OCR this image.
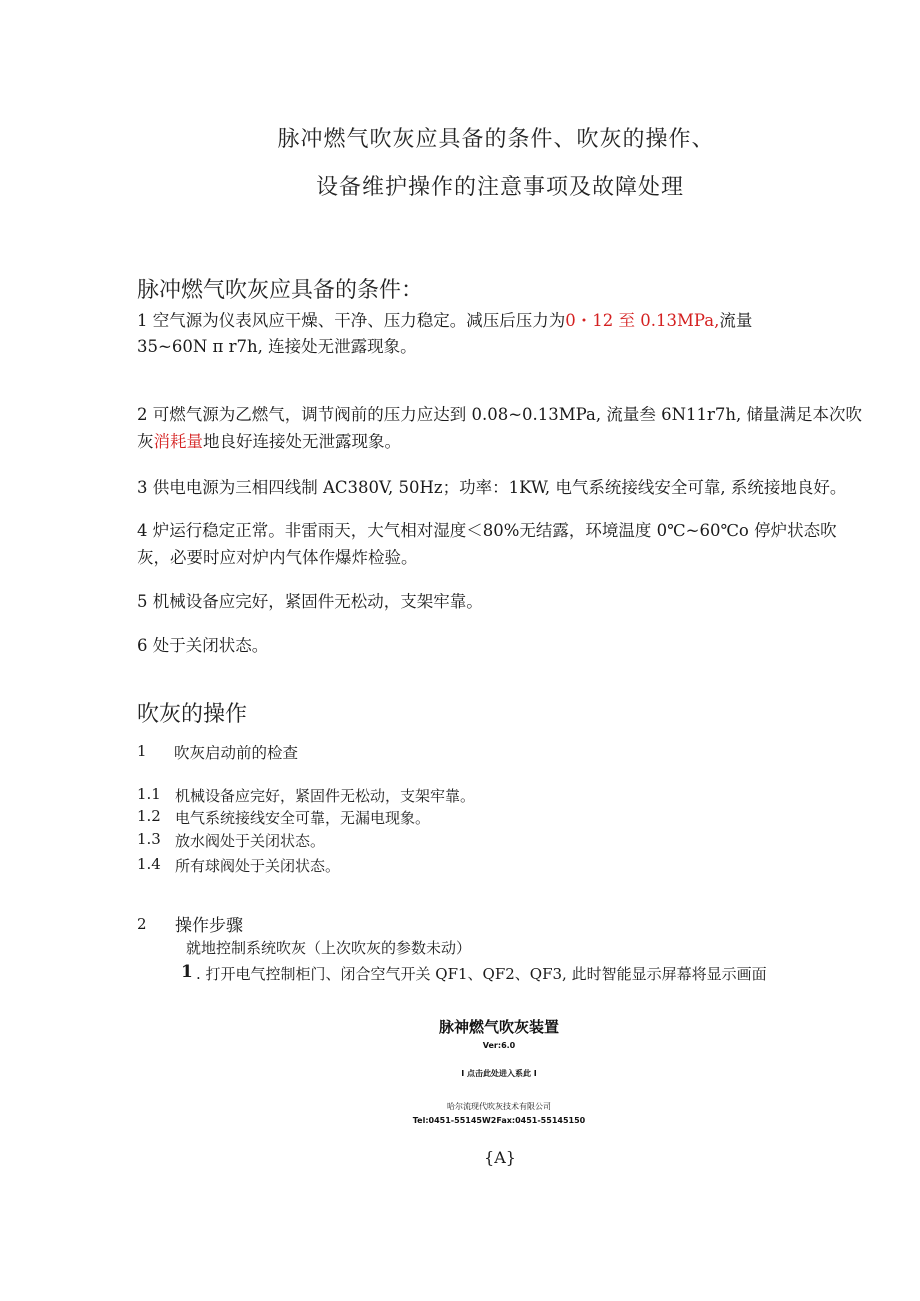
脉冲燃气吹灰应具备的条件、吹灰的操作、
设备维护操作的注意事项及故障处理
脉冲燃气吹灰应具备的条件：
1 空气源为仪表风应干燥、干净、压力稳定。减压后压力为0・12 至 0.13MPa,流量
35~60N π r7h, 连接处无泄露现象。
2 可燃气源为乙燃气，调节阀前的压力应达到 0.08~0.13MPa, 流量叁 6N11r7h, 储量满足本次吹
灰消耗量地良好连接处无泄露现象。
3 供电电源为三相四线制 AC380V, 50Hz；功率：1KW, 电气系统接线安全可靠, 系统接地良好。
4 炉运行稳定正常。非雷雨天，大气相对湿度＜80%无结露，环境温度 0℃~60℃o 停炉状态吹
灰，必要时应对炉内气体作爆炸检验。
5 机械设备应完好，紧固件无松动，支架牢靠。
6 处于关闭状态。
吹灰的操作
1 吹灰启动前的检查
1.1 机械设备应完好，紧固件无松动，支架牢靠。
1.2 电气系统接线安全可靠，无漏电现象。
1.3 放水阀处于关闭状态。
1.4 所有球阀处于关闭状态。
2 操作步骤
就地控制系统吹灰（上次吹灰的参数未动）
1 . 打开电气控制柜门、闭合空气开关 QF1、QF2、QF3, 此时智能显示屏幕将显示画面
脉神燃气吹灰装置
Ver:6.0
I 点击此处进入系此 I
哈尔流现代吹灰技术有限公司
Tel:0451-55145W2Fax:0451-55145150
{A}
